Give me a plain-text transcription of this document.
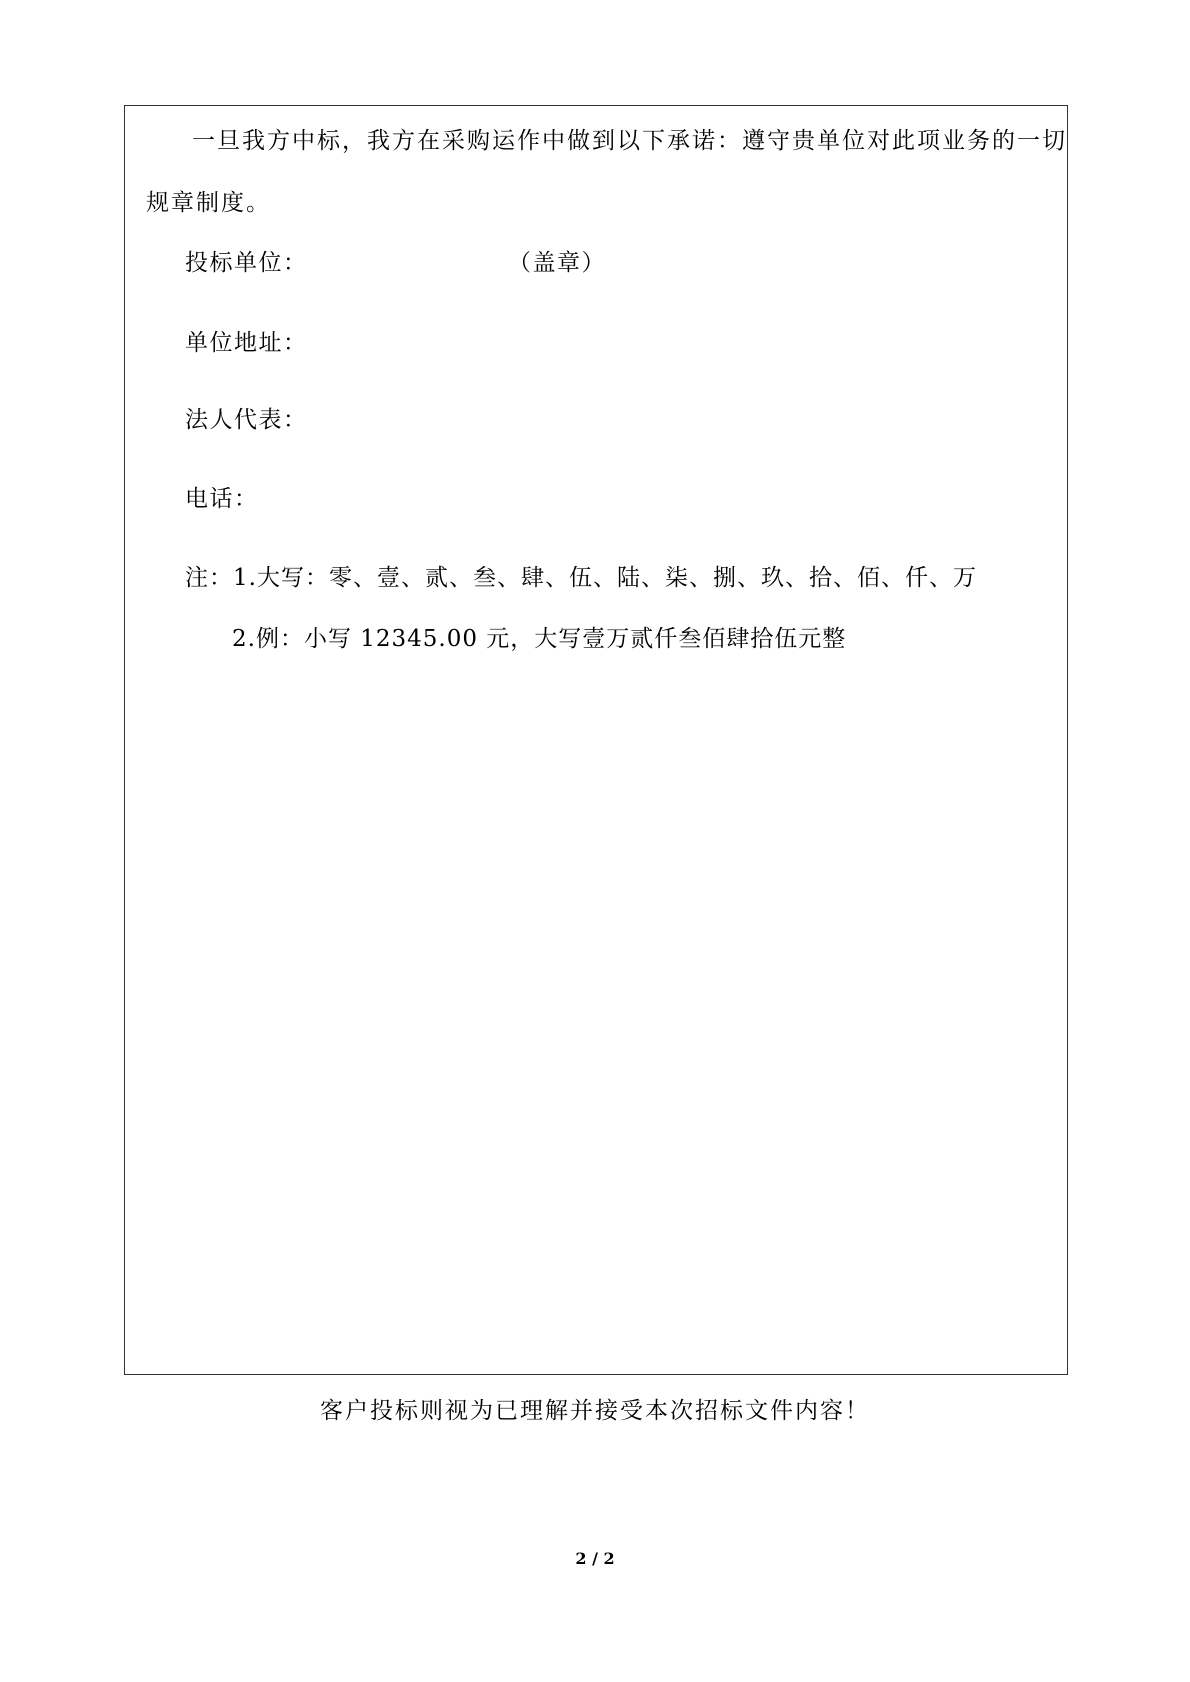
一旦我方中标，我方在采购运作中做到以下承诺：遵守贵单位对此项业务的一切
规章制度。
投标单位：	（盖章）
单位地址：
法人代表：
电话：
注：1.大写：零、壹、贰、叁、肆、伍、陆、柒、捌、玖、拾、佰、仟、万
2.例：小写 12345.00 元，大写壹万贰仟叁佰肆拾伍元整
客户投标则视为已理解并接受本次招标文件内容！
2 / 2
